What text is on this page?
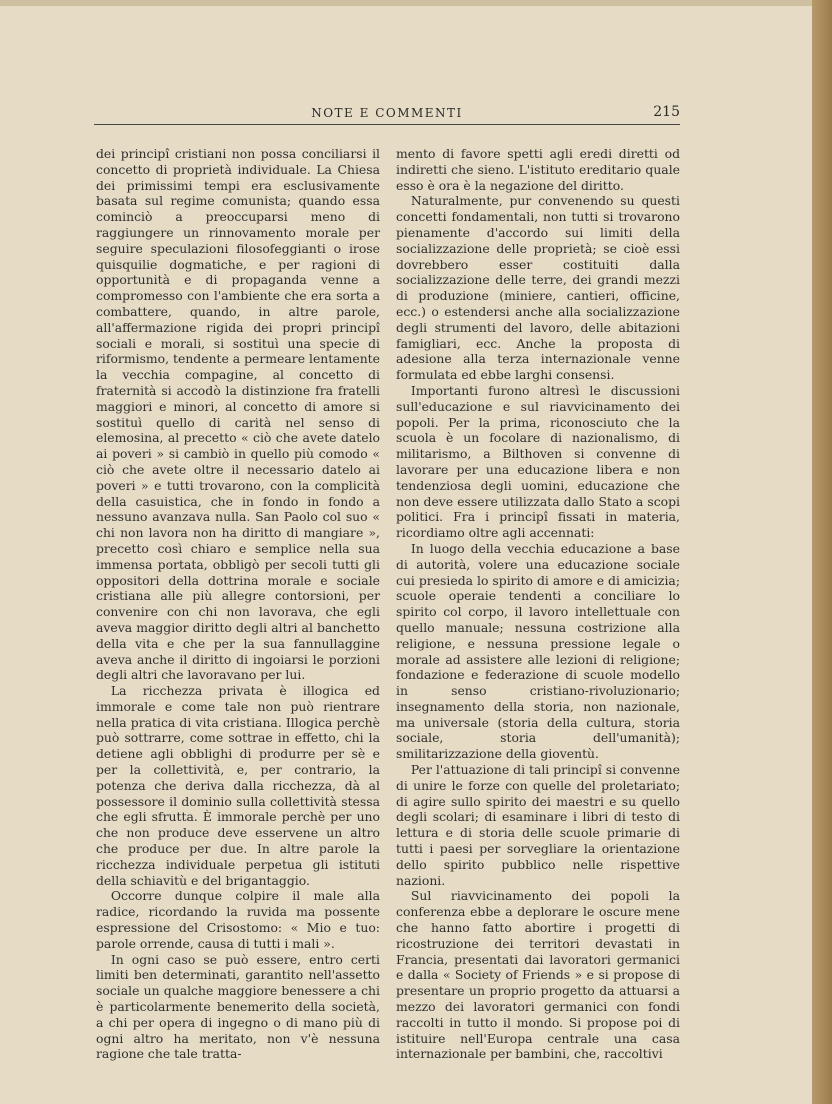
NOTE E COMMENTI	215

dei principî cristiani non possa conciliarsi il concetto di proprietà individuale. La Chiesa dei primissimi tempi era esclusivamente basata sul regime comunista; quando essa cominciò a preoccuparsi meno di raggiungere un rinnovamento morale per seguire speculazioni filosofeggianti o irose quisquilie dogmatiche, e per ragioni di opportunità e di propaganda venne a compromesso con l'ambiente che era sorta a combattere, quando, in altre parole, all'affermazione rigida dei propri principî sociali e morali, si sostituì una specie di riformismo, tendente a permeare lentamente la vecchia compagine, al concetto di fraternità si accodò la distinzione fra fratelli maggiori e minori, al concetto di amore si sostituì quello di carità nel senso di elemosina, al precetto « ciò che avete datelo ai poveri » si cambiò in quello più comodo « ciò che avete oltre il necessario datelo ai poveri » e tutti trovarono, con la complicità della casuistica, che in fondo in fondo a nessuno avanzava nulla. San Paolo col suo « chi non lavora non ha diritto di mangiare », precetto così chiaro e semplice nella sua immensa portata, obbligò per secoli tutti gli oppositori della dottrina morale e sociale cristiana alle più allegre contorsioni, per convenire con chi non lavorava, che egli aveva maggior diritto degli altri al banchetto della vita e che per la sua fannullaggine aveva anche il diritto di ingoiarsi le porzioni degli altri che lavoravano per lui.

La ricchezza privata è illogica ed immorale e come tale non può rientrare nella pratica di vita cristiana. Illogica perchè può sottrarre, come sottrae in effetto, chi la detiene agli obblighi di produrre per sè e per la collettività, e, per contrario, la potenza che deriva dalla ricchezza, dà al possessore il dominio sulla collettività stessa che egli sfrutta. È immorale perchè per uno che non produce deve esservene un altro che produce per due. In altre parole la ricchezza individuale perpetua gli istituti della schiavitù e del brigantaggio.

Occorre dunque colpire il male alla radice, ricordando la ruvida ma possente espressione del Crisostomo: « Mio e tuo: parole orrende, causa di tutti i mali ».

In ogni caso se può essere, entro certi limiti ben determinati, garantito nell'assetto sociale un qualche maggiore benessere a chi è particolarmente benemerito della società, a chi per opera di ingegno o di mano più di ogni altro ha meritato, non v'è nessuna ragione che tale tratta-

mento di favore spetti agli eredi diretti od indiretti che sieno. L'istituto ereditario quale esso è ora è la negazione del diritto.

Naturalmente, pur convenendo su questi concetti fondamentali, non tutti si trovarono pienamente d'accordo sui limiti della socializzazione delle proprietà; se cioè essi dovrebbero esser costituiti dalla socializzazione delle terre, dei grandi mezzi di produzione (miniere, cantieri, officine, ecc.) o estendersi anche alla socializzazione degli strumenti del lavoro, delle abitazioni famigliari, ecc. Anche la proposta di adesione alla terza internazionale venne formulata ed ebbe larghi consensi.

Importanti furono altresì le discussioni sull'educazione e sul riavvicinamento dei popoli. Per la prima, riconosciuto che la scuola è un focolare di nazionalismo, di militarismo, a Bilthoven si convenne di lavorare per una educazione libera e non tendenziosa degli uomini, educazione che non deve essere utilizzata dallo Stato a scopi politici. Fra i principî fissati in materia, ricordiamo oltre agli accennati:

In luogo della vecchia educazione a base di autorità, volere una educazione sociale cui presieda lo spirito di amore e di amicizia; scuole operaie tendenti a conciliare lo spirito col corpo, il lavoro intellettuale con quello manuale; nessuna costrizione alla religione, e nessuna pressione legale o morale ad assistere alle lezioni di religione; fondazione e federazione di scuole modello in senso cristiano-rivoluzionario; insegnamento della storia, non nazionale, ma universale (storia della cultura, storia sociale, storia dell'umanità); smilitarizzazione della gioventù.

Per l'attuazione di tali principî si convenne di unire le forze con quelle del proletariato; di agire sullo spirito dei maestri e su quello degli scolari; di esaminare i libri di testo di lettura e di storia delle scuole primarie di tutti i paesi per sorvegliare la orientazione dello spirito pubblico nelle rispettive nazioni.

Sul riavvicinamento dei popoli la conferenza ebbe a deplorare le oscure mene che hanno fatto abortire i progetti di ricostruzione dei territori devastati in Francia, presentati dai lavoratori germanici e dalla « Society of Friends » e si propose di presentare un proprio progetto da attuarsi a mezzo dei lavoratori germanici con fondi raccolti in tutto il mondo. Si propose poi di istituire nell'Europa centrale una casa internazionale per bambini, che, raccoltivi
